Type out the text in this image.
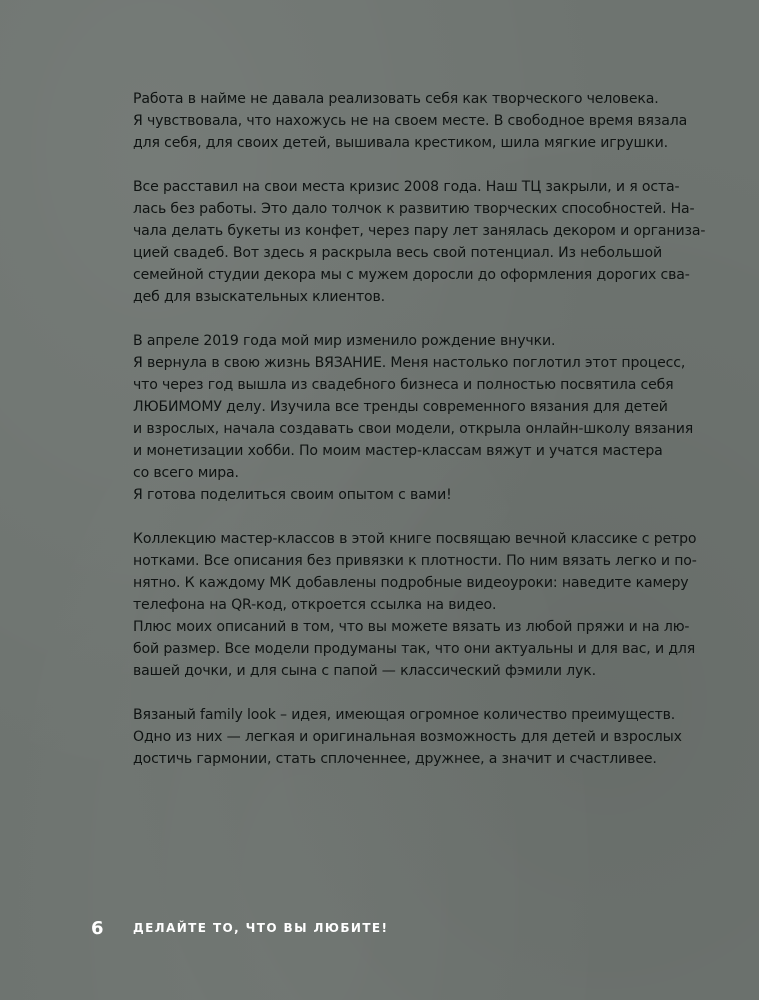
Работа в найме не давала реализовать себя как творческого человека.
Я чувствовала, что нахожусь не на своем месте. В свободное время вязала
для себя, для своих детей, вышивала крестиком, шила мягкие игрушки.

Все расставил на свои места кризис 2008 года. Наш ТЦ закрыли, и я оста-
лась без работы. Это дало толчок к развитию творческих способностей. На-
чала делать букеты из конфет, через пару лет занялась декором и организа-
цией свадеб. Вот здесь я раскрыла весь свой потенциал. Из небольшой
семейной студии декора мы с мужем доросли до оформления дорогих сва-
деб для взыскательных клиентов.

В апреле 2019 года мой мир изменило рождение внучки.
Я вернула в свою жизнь ВЯЗАНИЕ. Меня настолько поглотил этот процесс,
что через год вышла из свадебного бизнеса и полностью посвятила себя
ЛЮБИМОМУ делу. Изучила все тренды современного вязания для детей
и взрослых, начала создавать свои модели, открыла онлайн-школу вязания
и монетизации хобби. По моим мастер-классам вяжут и учатся мастера
со всего мира.
Я готова поделиться своим опытом с вами!

Коллекцию мастер-классов в этой книге посвящаю вечной классике с ретро
нотками. Все описания без привязки к плотности. По ним вязать легко и по-
нятно. К каждому МК добавлены подробные видеоуроки: наведите камеру
телефона на QR-код, откроется ссылка на видео.
Плюс моих описаний в том, что вы можете вязать из любой пряжи и на лю-
бой размер. Все модели продуманы так, что они актуальны и для вас, и для
вашей дочки, и для сына с папой — классический фэмили лук.

Вязаный family look – идея, имеющая огромное количество преимуществ.
Одно из них — легкая и оригинальная возможность для детей и взрослых
достичь гармонии, стать сплоченнее, дружнее, а значит и счастливее.

6	ДЕЛАЙТЕ ТО, ЧТО ВЫ ЛЮБИТЕ!
